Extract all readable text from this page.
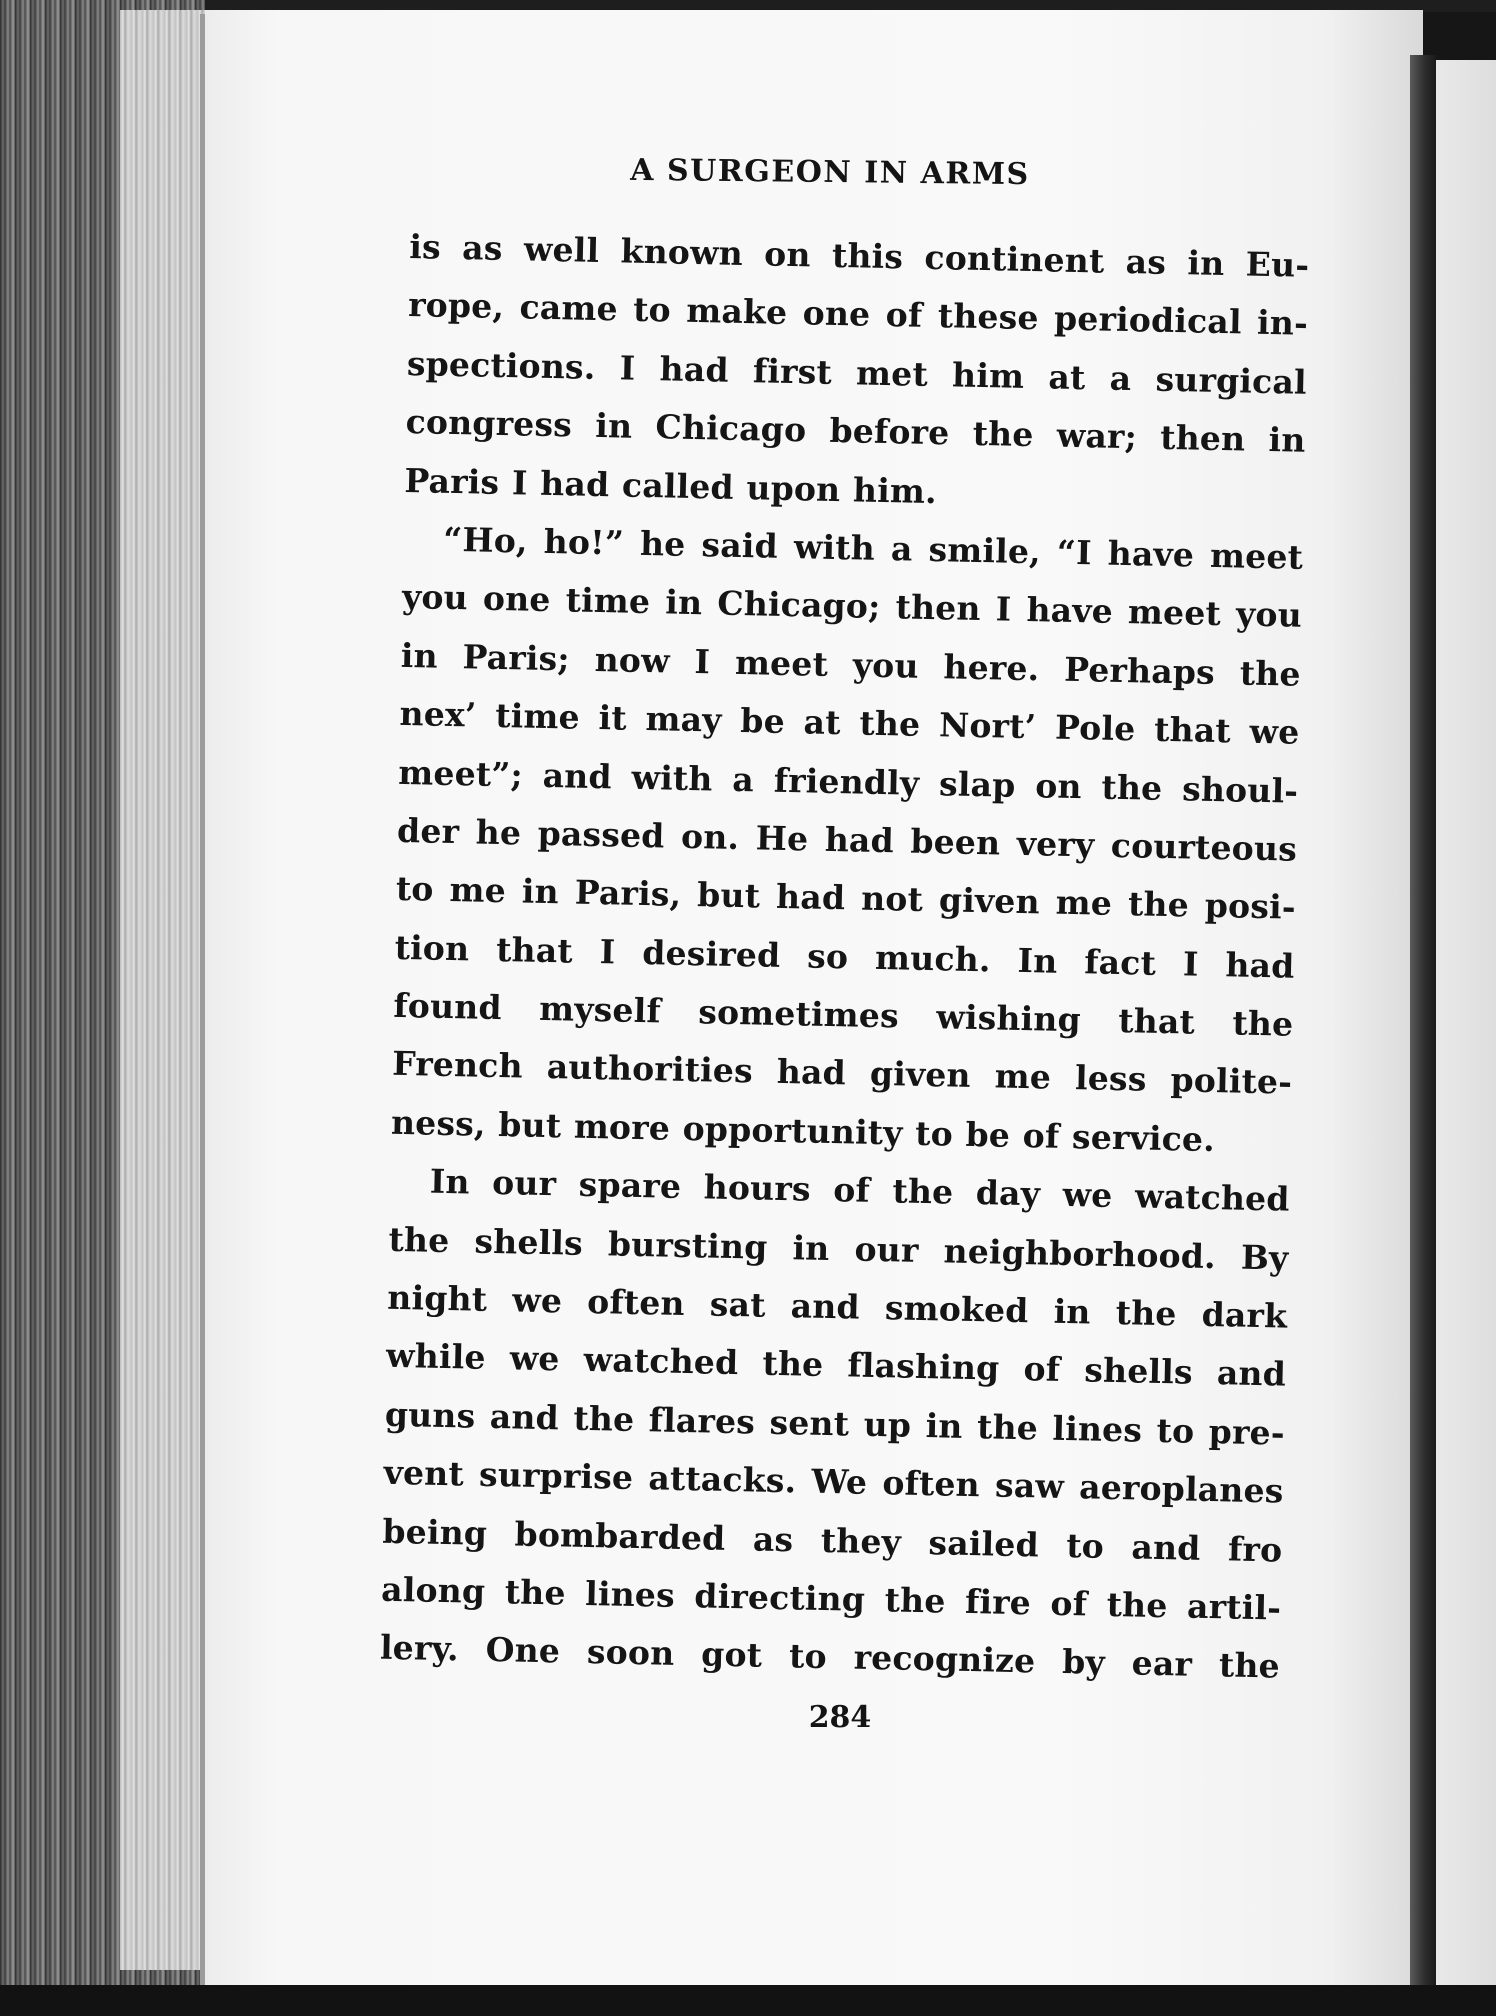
A SURGEON IN ARMS
is as well known on this continent as in Eu-
rope, came to make one of these periodical in-
spections. I had first met him at a surgical
congress in Chicago before the war; then in
Paris I had called upon him.
“Ho, ho!” he said with a smile, “I have meet
you one time in Chicago; then I have meet you
in Paris; now I meet you here. Perhaps the
nex’ time it may be at the Nort’ Pole that we
meet”; and with a friendly slap on the shoul-
der he passed on. He had been very courteous
to me in Paris, but had not given me the posi-
tion that I desired so much. In fact I had
found myself sometimes wishing that the
French authorities had given me less polite-
ness, but more opportunity to be of service.
In our spare hours of the day we watched
the shells bursting in our neighborhood. By
night we often sat and smoked in the dark
while we watched the flashing of shells and
guns and the flares sent up in the lines to pre-
vent surprise attacks. We often saw aeroplanes
being bombarded as they sailed to and fro
along the lines directing the fire of the artil-
lery. One soon got to recognize by ear the
284
